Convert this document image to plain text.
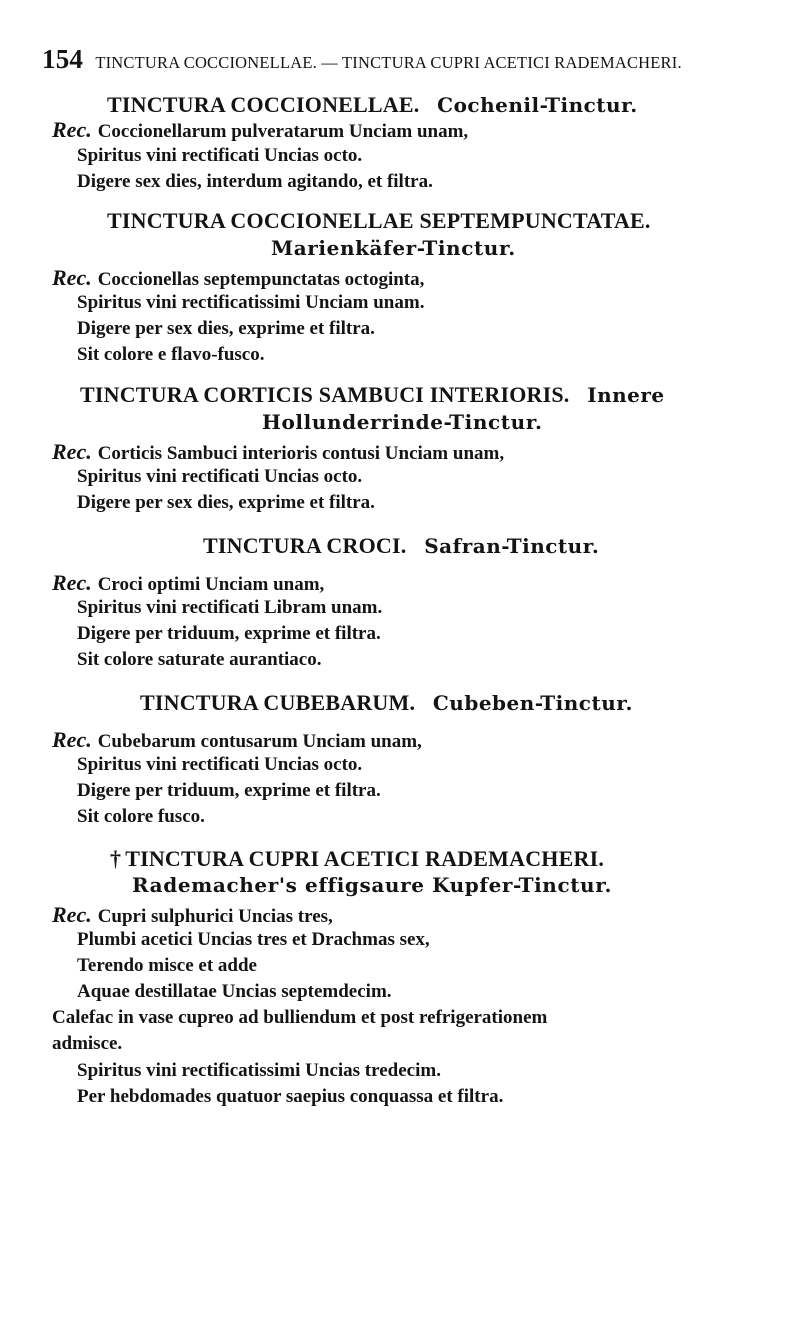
154 TINCTURA COCCIONELLAE. — TINCTURA CUPRI ACETICI RADEMACHERI.
TINCTURA COCCIONELLAE. Cochenil-Tinctur.
Rec. Coccionellarum pulveratarum Unciam unam,
Spiritus vini rectificati Uncias octo.
Digere sex dies, interdum agitando, et filtra.
TINCTURA COCCIONELLAE SEPTEMPUNCTATAE.
Marienkäfer-Tinctur.
Rec. Coccionellas septempunctatas octoginta,
Spiritus vini rectificatissimi Unciam unam.
Digere per sex dies, exprime et filtra.
Sit colore e flavo-fusco.
TINCTURA CORTICIS SAMBUCI INTERIORIS. Innere
Hollunderrinde-Tinctur.
Rec. Corticis Sambuci interioris contusi Unciam unam,
Spiritus vini rectificati Uncias octo.
Digere per sex dies, exprime et filtra.
TINCTURA CROCI. Safran-Tinctur.
Rec. Croci optimi Unciam unam,
Spiritus vini rectificati Libram unam.
Digere per triduum, exprime et filtra.
Sit colore saturate aurantiaco.
TINCTURA CUBEBARUM. Cubeben-Tinctur.
Rec. Cubebarum contusarum Unciam unam,
Spiritus vini rectificati Uncias octo.
Digere per triduum, exprime et filtra.
Sit colore fusco.
† TINCTURA CUPRI ACETICI RADEMACHERI.
Rademacher's effigsaure Kupfer-Tinctur.
Rec. Cupri sulphurici Uncias tres,
Plumbi acetici Uncias tres et Drachmas sex,
Terendo misce et adde
Aquae destillatae Uncias septemdecim.
Calefac in vase cupreo ad bulliendum et post refrigerationem
admisce.
Spiritus vini rectificatissimi Uncias tredecim.
Per hebdomades quatuor saepius conquassa et filtra.
